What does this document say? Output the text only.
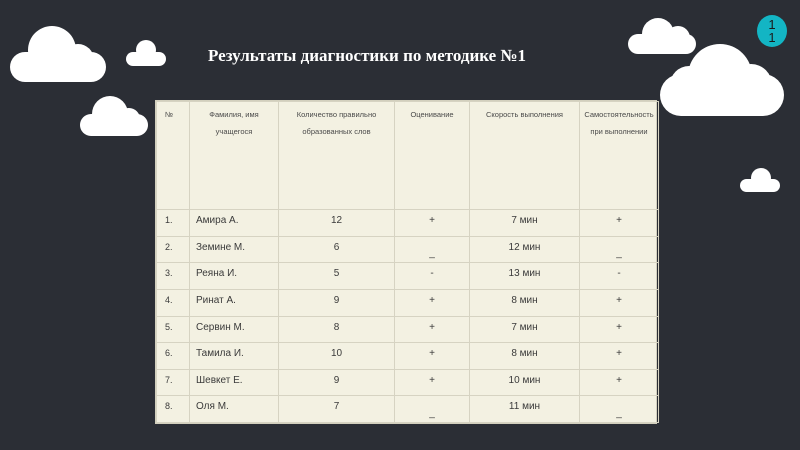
1
1
Результаты диагностики по методике №1
№	Фамилия, имя учащегося	Количество правильно образованных слов	Оценивание	Скорость выполнения	Самостоятельность при выполнении
1.	Амира А.	12	+	7 мин	+
2.	Земине М.	6	_	12 мин	_
3.	Реяна И.	5	-	13 мин	-
4.	Ринат А.	9	+	8 мин	+
5.	Сервин М.	8	+	7 мин	+
6.	Тамила И.	10	+	8 мин	+
7.	Шевкет Е.	9	+	10 мин	+
8.	Оля М.	7	_	11 мин	_
